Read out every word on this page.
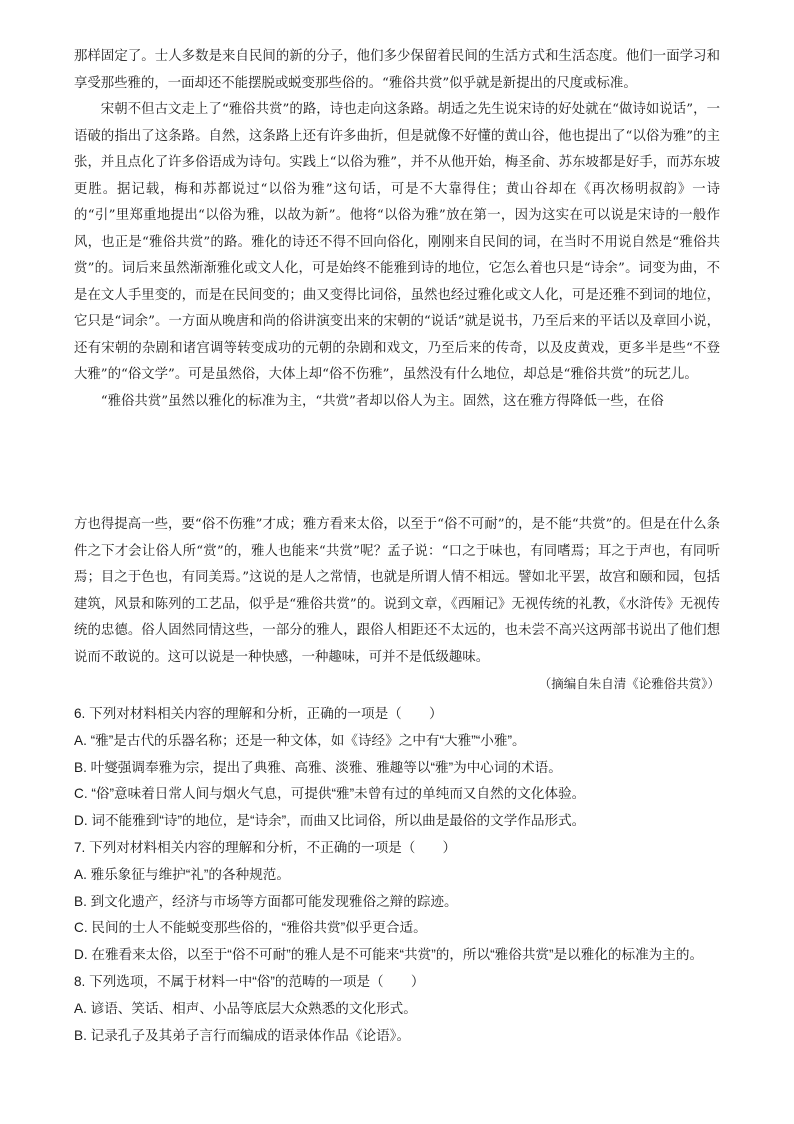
那样固定了。士人多数是来自民间的新的分子，他们多少保留着民间的生活方式和生活态度。他们一面学习和享受那些雅的，一面却还不能摆脱或蜕变那些俗的。“雅俗共赏”似乎就是新提出的尺度或标准。

宋朝不但古文走上了“雅俗共赏”的路，诗也走向这条路。胡适之先生说宋诗的好处就在“做诗如说话”，一语破的指出了这条路。自然，这条路上还有许多曲折，但是就像不好懂的黄山谷，他也提出了“以俗为雅”的主张，并且点化了许多俗语成为诗句。实践上“以俗为雅”，并不从他开始，梅圣俞、苏东坡都是好手，而苏东坡更胜。据记载，梅和苏都说过“以俗为雅”这句话，可是不大靠得住；黄山谷却在《再次杨明叔韵》一诗的“引”里郑重地提出“以俗为雅，以故为新”。他将“以俗为雅”放在第一，因为这实在可以说是宋诗的一般作风，也正是“雅俗共赏”的路。雅化的诗还不得不回向俗化，刚刚来自民间的词，在当时不用说自然是“雅俗共赏”的。词后来虽然渐渐雅化或文人化，可是始终不能雅到诗的地位，它怎么着也只是“诗余”。词变为曲，不是在文人手里变的，而是在民间变的；曲又变得比词俗，虽然也经过雅化或文人化，可是还雅不到词的地位，它只是“词余”。一方面从晚唐和尚的俗讲演变出来的宋朝的“说话”就是说书，乃至后来的平话以及章回小说，还有宋朝的杂剧和诸宫调等转变成功的元朝的杂剧和戏文，乃至后来的传奇，以及皮黄戏，更多半是些“不登大雅”的“俗文学”。可是虽然俗，大体上却“俗不伤雅”，虽然没有什么地位，却总是“雅俗共赏”的玩艺儿。

“雅俗共赏”虽然以雅化的标准为主，“共赏”者却以俗人为主。固然，这在雅方得降低一些，在俗

方也得提高一些，要“俗不伤雅”才成；雅方看来太俗，以至于“俗不可耐”的，是不能“共赏”的。但是在什么条件之下才会让俗人所“赏”的，雅人也能来“共赏”呢？孟子说：“口之于味也，有同嗜焉；耳之于声也，有同听焉；目之于色也，有同美焉。”这说的是人之常情，也就是所谓人情不相远。譬如北平罢，故宫和颐和园，包括建筑，风景和陈列的工艺品，似乎是“雅俗共赏”的。说到文章，《西厢记》无视传统的礼教，《水浒传》无视传统的忠德。俗人固然同情这些，一部分的雅人，跟俗人相距还不太远的，也未尝不高兴这两部书说出了他们想说而不敢说的。这可以说是一种快感，一种趣味，可并不是低级趣味。

（摘编自朱自清《论雅俗共赏》）
6. 下列对材料相关内容的理解和分析，正确的一项是（　　）
A. “雅”是古代的乐器名称；还是一种文体，如《诗经》之中有“大雅”“小雅”。
B. 叶燮强调奉雅为宗，提出了典雅、高雅、淡雅、雅趣等以“雅”为中心词的术语。
C. “俗”意味着日常人间与烟火气息，可提供“雅”未曾有过的单纯而又自然的文化体验。
D. 词不能雅到“诗”的地位，是“诗余”，而曲又比词俗，所以曲是最俗的文学作品形式。
7. 下列对材料相关内容的理解和分析，不正确的一项是（　　）
A. 雅乐象征与维护“礼”的各种规范。
B. 到文化遗产，经济与市场等方面都可能发现雅俗之辩的踪迹。
C. 民间的士人不能蜕变那些俗的，“雅俗共赏”似乎更合适。
D. 在雅看来太俗，以至于“俗不可耐”的雅人是不可能来“共赏”的，所以“雅俗共赏”是以雅化的标准为主的。
8. 下列选项，不属于材料一中“俗”的范畴的一项是（　　）
A. 谚语、笑话、相声、小品等底层大众熟悉的文化形式。
B. 记录孔子及其弟子言行而编成的语录体作品《论语》。
